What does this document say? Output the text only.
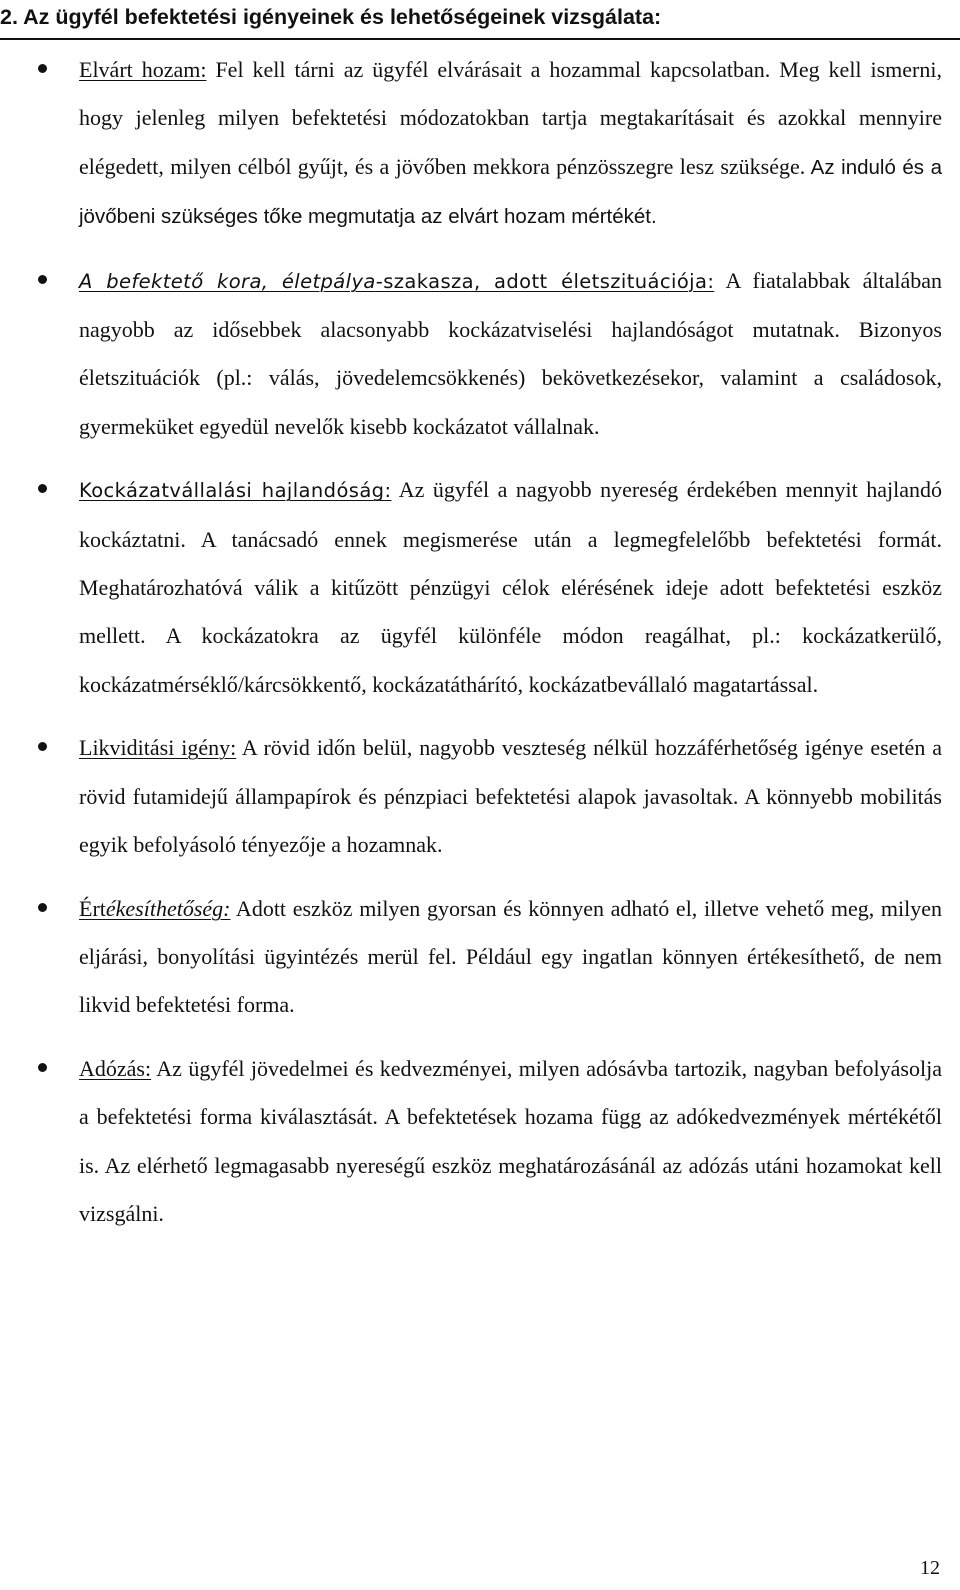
2. Az ügyfél befektetési igényeinek és lehetőségeinek vizsgálata:
Elvárt hozam: Fel kell tárni az ügyfél elvárásait a hozammal kapcsolatban. Meg kell ismerni, hogy jelenleg milyen befektetési módozatokban tartja megtakarításait és azokkal mennyire elégedett, milyen célból gyűjt, és a jövőben mekkora pénzösszegre lesz szüksége. Az induló és a jövőbeni szükséges tőke megmutatja az elvárt hozam mértékét.
A befektető kora, életpálya-szakasza, adott életszituációja: A fiatalabbak általában nagyobb az idősebbek alacsonyabb kockázatviselési hajlandóságot mutatnak. Bizonyos életszituációk (pl.: válás, jövedelemcsökkenés) bekövetkezésekor, valamint a családosok, gyermeküket egyedül nevelők kisebb kockázatot vállalnak.
Kockázatvállalási hajlandóság: Az ügyfél a nagyobb nyereség érdekében mennyit hajlandó kockáztatni. A tanácsadó ennek megismerése után a legmegfelelőbb befektetési formát. Meghatározhatóvá válik a kitűzött pénzügyi célok elérésének ideje adott befektetési eszköz mellett. A kockázatokra az ügyfél különféle módon reagálhat, pl.: kockázatkerülő, kockázatmérséklő/kárcsökkentő, kockázatáthárító, kockázatbevállaló magatartással.
Likviditási igény: A rövid időn belül, nagyobb veszteség nélkül hozzáférhetőség igénye esetén a rövid futamidejű állampapírok és pénzpiaci befektetési alapok javasoltak. A könnyebb mobilitás egyik befolyásoló tényezője a hozamnak.
Értékesíthetőség: Adott eszköz milyen gyorsan és könnyen adható el, illetve vehető meg, milyen eljárási, bonyolítási ügyintézés merül fel. Például egy ingatlan könnyen értékesíthető, de nem likvid befektetési forma.
Adózás: Az ügyfél jövedelmei és kedvezményei, milyen adósávba tartozik, nagyban befolyásolja a befektetési forma kiválasztását. A befektetések hozama függ az adókedvezmények mértékétől is. Az elérhető legmagasabb nyereségű eszköz meghatározásánál az adózás utáni hozamokat kell vizsgálni.
12
